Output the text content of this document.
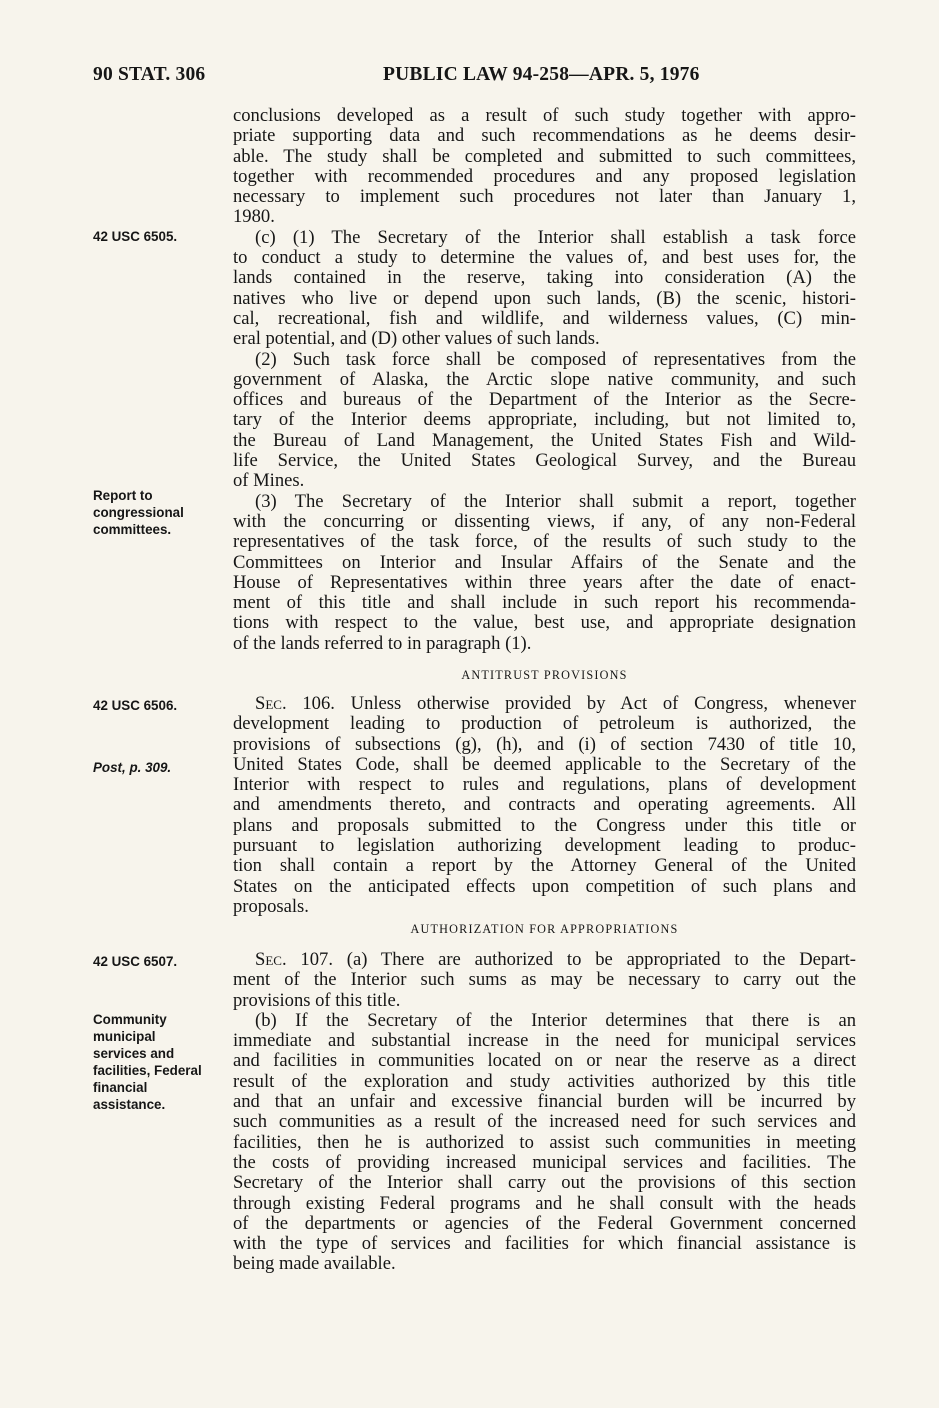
90 STAT. 306	PUBLIC LAW 94-258—APR. 5, 1976

42 USC 6505.
Report to
congressional
committees.
42 USC 6506.
Post, p. 309.
42 USC 6507.
Community
municipal
services and
facilities, Federal
financial
assistance.
conclusions developed as a result of such study together with appro-
priate supporting data and such recommendations as he deems desir-
able. The study shall be completed and submitted to such committees,
together with recommended procedures and any proposed legislation
necessary to implement such procedures not later than January 1,
1980.
(c) (1) The Secretary of the Interior shall establish a task force
to conduct a study to determine the values of, and best uses for, the
lands contained in the reserve, taking into consideration (A) the
natives who live or depend upon such lands, (B) the scenic, histori-
cal, recreational, fish and wildlife, and wilderness values, (C) min-
eral potential, and (D) other values of such lands.
(2) Such task force shall be composed of representatives from the
government of Alaska, the Arctic slope native community, and such
offices and bureaus of the Department of the Interior as the Secre-
tary of the Interior deems appropriate, including, but not limited to,
the Bureau of Land Management, the United States Fish and Wild-
life Service, the United States Geological Survey, and the Bureau
of Mines.
(3) The Secretary of the Interior shall submit a report, together
with the concurring or dissenting views, if any, of any non-Federal
representatives of the task force, of the results of such study to the
Committees on Interior and Insular Affairs of the Senate and the
House of Representatives within three years after the date of enact-
ment of this title and shall include in such report his recommenda-
tions with respect to the value, best use, and appropriate designation
of the lands referred to in paragraph (1).
ANTITRUST PROVISIONS
Sec. 106. Unless otherwise provided by Act of Congress, whenever
development leading to production of petroleum is authorized, the
provisions of subsections (g), (h), and (i) of section 7430 of title 10,
United States Code, shall be deemed applicable to the Secretary of the
Interior with respect to rules and regulations, plans of development
and amendments thereto, and contracts and operating agreements. All
plans and proposals submitted to the Congress under this title or
pursuant to legislation authorizing development leading to produc-
tion shall contain a report by the Attorney General of the United
States on the anticipated effects upon competition of such plans and
proposals.
AUTHORIZATION FOR APPROPRIATIONS
Sec. 107. (a) There are authorized to be appropriated to the Depart-
ment of the Interior such sums as may be necessary to carry out the
provisions of this title.
(b) If the Secretary of the Interior determines that there is an
immediate and substantial increase in the need for municipal services
and facilities in communities located on or near the reserve as a direct
result of the exploration and study activities authorized by this title
and that an unfair and excessive financial burden will be incurred by
such communities as a result of the increased need for such services and
facilities, then he is authorized to assist such communities in meeting
the costs of providing increased municipal services and facilities. The
Secretary of the Interior shall carry out the provisions of this section
through existing Federal programs and he shall consult with the heads
of the departments or agencies of the Federal Government concerned
with the type of services and facilities for which financial assistance is
being made available.
